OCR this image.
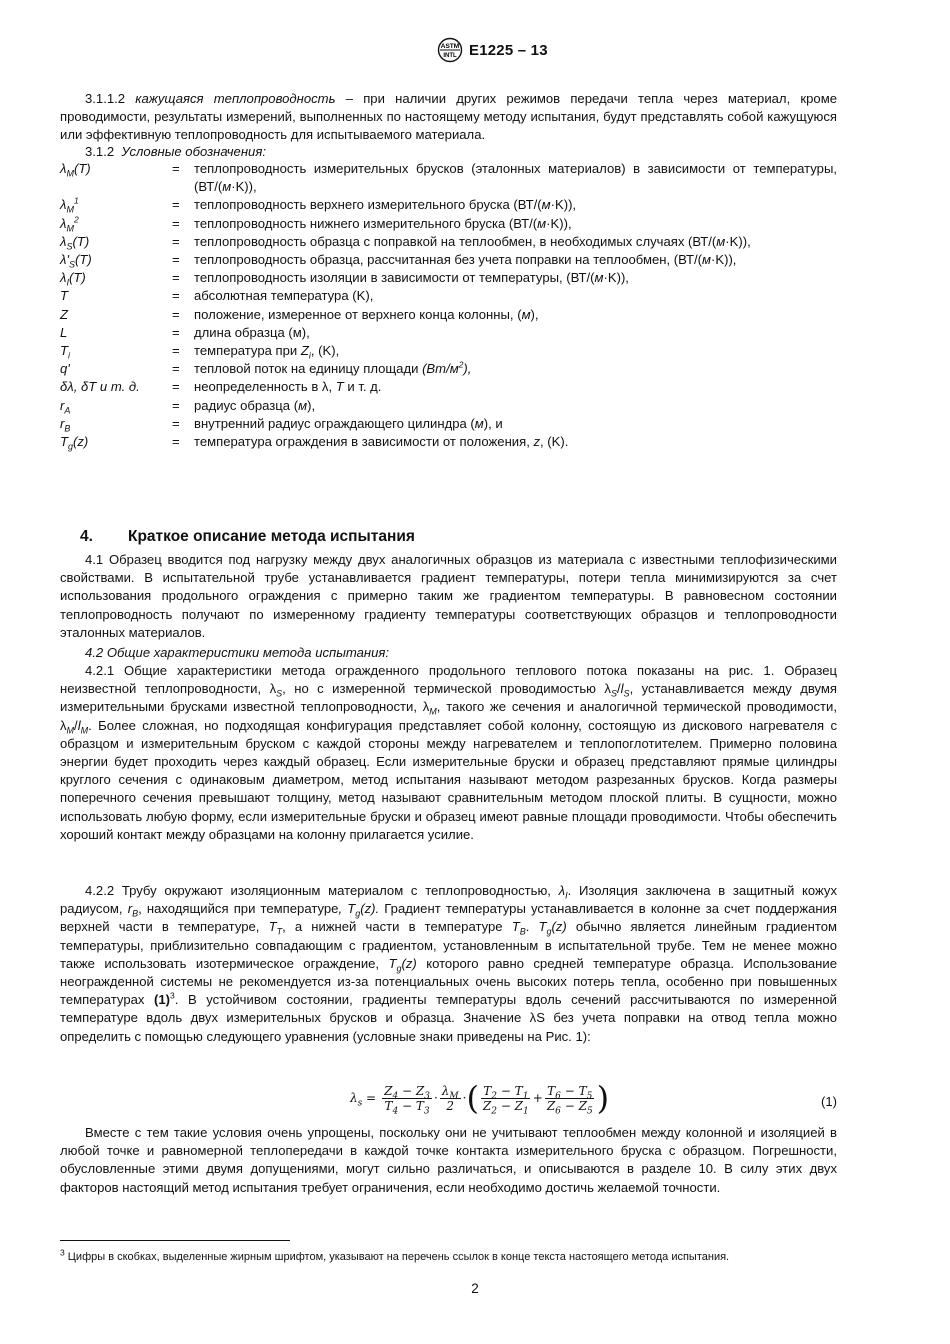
ASTM
INTL E1225 – 13
3.1.1.2 кажущаяся теплопроводность – при наличии других режимов передачи тепла через материал, кроме проводимости, результаты измерений, выполненных по настоящему методу испытания, будут представлять собой кажущуюся или эффективную теплопроводность для испытываемого материала.
3.1.2 Условные обозначения:
$\lambda_M(T)$	=	теплопроводность измерительных брусков (эталонных материалов) в зависимости от температуры, (ВТ/(м·K)),
$\lambda_M^1$	=	теплопроводность верхнего измерительного бруска (ВТ/(м·K)),
$\lambda_M^2$	=	теплопроводность нижнего измерительного бруска (ВТ/(м·K)),
$\lambda_S(T)$	=	теплопроводность образца с поправкой на теплообмен, в необходимых случаях (ВТ/(м·K)),
$\lambda'_S(T)$	=	теплопроводность образца, рассчитанная без учета поправки на теплообмен, (ВТ/(м·K)),
$\lambda_I(T)$	=	теплопроводность изоляции в зависимости от температуры, (ВТ/(м·K)),
T	=	абсолютная температура (K),
Z	=	положение, измеренное от верхнего конца колонны, (м),
L	=	длина образца (м),
$T_i$	=	температура при $Z_i$, (K),
q'	=	тепловой поток на единицу площади $(Вт/м^2)$,
δλ, δT и т. д.	=	неопределенность в λ, T и т. д.
$r_A$	=	радиус образца (м),
$r_B$	=	внутренний радиус ограждающего цилиндра (м), и
$T_g(z)$	=	температура ограждения в зависимости от положения, z, (K).
4.	Краткое описание метода испытания
4.1 Образец вводится под нагрузку между двух аналогичных образцов из материала с известными теплофизическими свойствами. В испытательной трубе устанавливается градиент температуры, потери тепла минимизируются за счет использования продольного ограждения с примерно таким же градиентом температуры. В равновесном состоянии теплопроводность получают по измеренному градиенту температуры соответствующих образцов и теплопроводности эталонных материалов.
4.2 Общие характеристики метода испытания:
4.2.1 Общие характеристики метода огражденного продольного теплового потока показаны на рис. 1. Образец неизвестной теплопроводности, $\lambda_S$, но с измеренной термической проводимостью $\lambda_S/l_S$, устанавливается между двумя измерительными брусками известной теплопроводности, $\lambda_M$, такого же сечения и аналогичной термической проводимости, $\lambda_M/l_M$. Более сложная, но подходящая конфигурация представляет собой колонну, состоящую из дискового нагревателя с образцом и измерительным бруском с каждой стороны между нагревателем и теплопоглотителем. Примерно половина энергии будет проходить через каждый образец. Если измерительные бруски и образец представляют прямые цилиндры круглого сечения с одинаковым диаметром, метод испытания называют методом разрезанных брусков. Когда размеры поперечного сечения превышают толщину, метод называют сравнительным методом плоской плиты. В сущности, можно использовать любую форму, если измерительные бруски и образец имеют равные площади проводимости. Чтобы обеспечить хороший контакт между образцами на колонну прилагается усилие.
4.2.2 Трубу окружают изоляционным материалом с теплопроводностью, $\lambda_I$. Изоляция заключена в защитный кожух радиусом, $r_B$, находящийся при температуре, $T_g(z)$. Градиент температуры устанавливается в колонне за счет поддержания верхней части в температуре, $T_T$, а нижней части в температуре $T_B$. $T_g(z)$ обычно является линейным градиентом температуры, приблизительно совпадающим с градиентом, установленным в испытательной трубе. Тем не менее можно также использовать изотермическое ограждение, $T_g(z)$ которого равно средней температуре образца. Использование неогражденной системы не рекомендуется из-за потенциальных очень высоких потерь тепла, особенно при повышенных температурах $(1)^3$. В устойчивом состоянии, градиенты температуры вдоль сечений рассчитываются по измеренной температуре вдоль двух измерительных брусков и образца. Значение λS без учета поправки на отвод тепла можно определить с помощью следующего уравнения (условные знаки приведены на Рис. 1):
$\lambda_s = \frac{Z_4 - Z_3}{T_4 - T_3} \cdot \frac{\lambda_M}{2}$ · ( $\frac{T_2 - T_1}{Z_2 - Z_1} + \frac{T_6 - T_5}{Z_6 - Z_5}$ )	(1)
Вместе с тем такие условия очень упрощены, поскольку они не учитывают теплообмен между колонной и изоляцией в любой точке и равномерной теплопередачи в каждой точке контакта измерительного бруска с образцом. Погрешности, обусловленные этими двумя допущениями, могут сильно различаться, и описываются в разделе 10. В силу этих двух факторов настоящий метод испытания требует ограничения, если необходимо достичь желаемой точности.
$^3$ Цифры в скобках, выделенные жирным шрифтом, указывают на перечень ссылок в конце текста настоящего метода испытания.
2
